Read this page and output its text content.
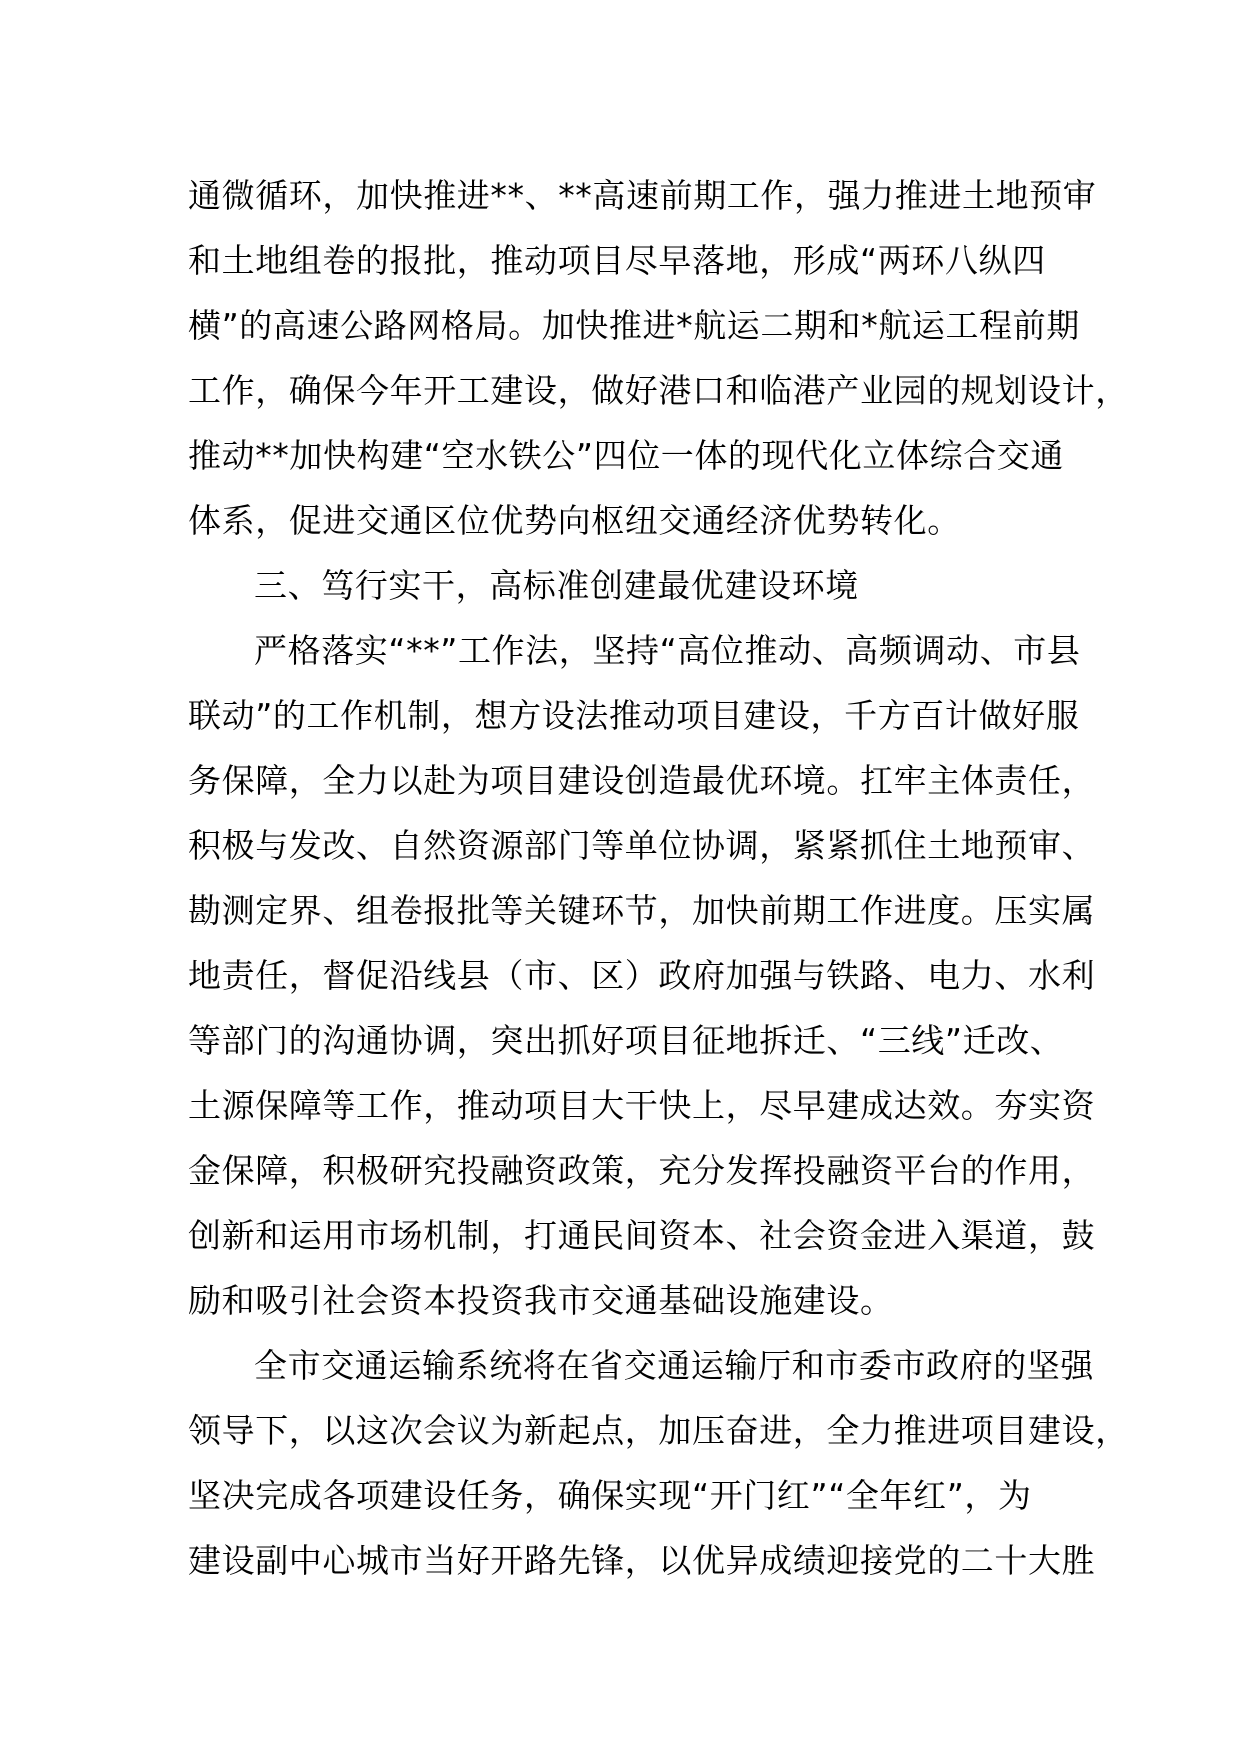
通微循环，加快推进**、**高速前期工作，强力推进土地预审
和土地组卷的报批，推动项目尽早落地，形成“两环八纵四
横”的高速公路网格局。加快推进*航运二期和*航运工程前期
工作，确保今年开工建设，做好港口和临港产业园的规划设计，
推动**加快构建“空水铁公”四位一体的现代化立体综合交通
体系，促进交通区位优势向枢纽交通经济优势转化。
三、笃行实干，高标准创建最优建设环境
严格落实“**”工作法，坚持“高位推动、高频调动、市县
联动”的工作机制，想方设法推动项目建设，千方百计做好服
务保障，全力以赴为项目建设创造最优环境。扛牢主体责任，
积极与发改、自然资源部门等单位协调，紧紧抓住土地预审、
勘测定界、组卷报批等关键环节，加快前期工作进度。压实属
地责任，督促沿线县（市、区）政府加强与铁路、电力、水利
等部门的沟通协调，突出抓好项目征地拆迁、“三线”迁改、
土源保障等工作，推动项目大干快上，尽早建成达效。夯实资
金保障，积极研究投融资政策，充分发挥投融资平台的作用，
创新和运用市场机制，打通民间资本、社会资金进入渠道，鼓
励和吸引社会资本投资我市交通基础设施建设。
全市交通运输系统将在省交通运输厅和市委市政府的坚强
领导下，以这次会议为新起点，加压奋进，全力推进项目建设，
坚决完成各项建设任务，确保实现“开门红”“全年红”，为
建设副中心城市当好开路先锋，以优异成绩迎接党的二十大胜
